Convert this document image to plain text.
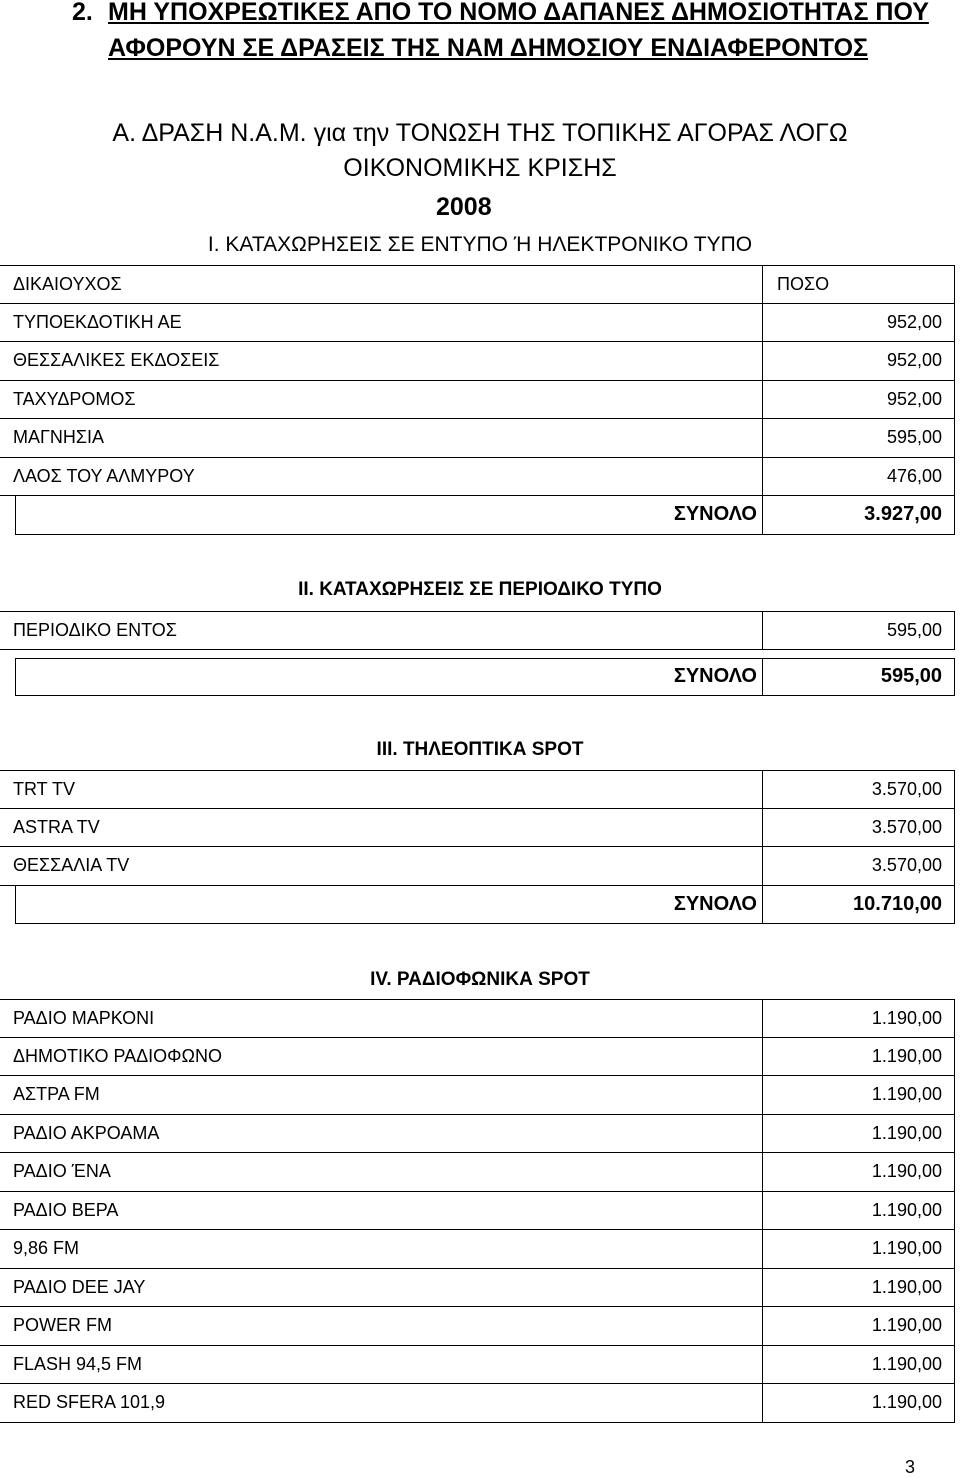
2. ΜΗ ΥΠΟΧΡΕΩΤΙΚΕΣ ΑΠΟ ΤΟ ΝΟΜΟ ΔΑΠΑΝΕΣ ΔΗΜΟΣΙΟΤΗΤΑΣ ΠΟΥ
ΑΦΟΡΟΥΝ ΣΕ ΔΡΑΣΕΙΣ ΤΗΣ ΝΑΜ ΔΗΜΟΣΙΟΥ ΕΝΔΙΑΦΕΡΟΝΤΟΣ
Α. ΔΡΑΣΗ Ν.Α.Μ. για την ΤΟΝΩΣΗ ΤΗΣ ΤΟΠΙΚΗΣ ΑΓΟΡΑΣ ΛΟΓΩ
ΟΙΚΟΝΟΜΙΚΗΣ ΚΡΙΣΗΣ
2008
I. ΚΑΤΑΧΩΡΗΣΕΙΣ ΣΕ ΕΝΤΥΠΟ Ή ΗΛΕΚΤΡΟΝΙΚΟ ΤΥΠΟ
ΔΙΚΑΙΟΥΧΟΣ	ΠΟΣΟ
ΤΥΠΟΕΚΔΟΤΙΚΗ ΑΕ	952,00
ΘΕΣΣΑΛΙΚΕΣ ΕΚΔΟΣΕΙΣ	952,00
ΤΑΧΥΔΡΟΜΟΣ	952,00
ΜΑΓΝΗΣΙΑ	595,00
ΛΑΟΣ ΤΟΥ ΑΛΜΥΡΟΥ	476,00
ΣΥΝΟΛΟ	3.927,00
II. ΚΑΤΑΧΩΡΗΣΕΙΣ ΣΕ ΠΕΡΙΟΔΙΚΟ ΤΥΠΟ
ΠΕΡΙΟΔΙΚΟ ΕΝΤΟΣ	595,00
ΣΥΝΟΛΟ	595,00
III. ΤΗΛΕΟΠΤΙΚΑ SPOT
TRT TV	3.570,00
ASTRA TV	3.570,00
ΘΕΣΣΑΛΙΑ TV	3.570,00
ΣΥΝΟΛΟ	10.710,00
IV. ΡΑΔΙΟΦΩΝΙΚΑ SPOT
ΡΑΔΙΟ ΜΑΡΚΟΝΙ	1.190,00
ΔΗΜΟΤΙΚΟ ΡΑΔΙΟΦΩΝΟ	1.190,00
ΑΣΤΡΑ FM	1.190,00
ΡΑΔΙΟ ΑΚΡΟΑΜΑ	1.190,00
ΡΑΔΙΟ ΈΝΑ	1.190,00
ΡΑΔΙΟ ΒΕΡΑ	1.190,00
9,86 FM	1.190,00
ΡΑΔΙΟ DEE JAY	1.190,00
POWER FM	1.190,00
FLASH 94,5 FM	1.190,00
RED SFERA 101,9	1.190,00
3
